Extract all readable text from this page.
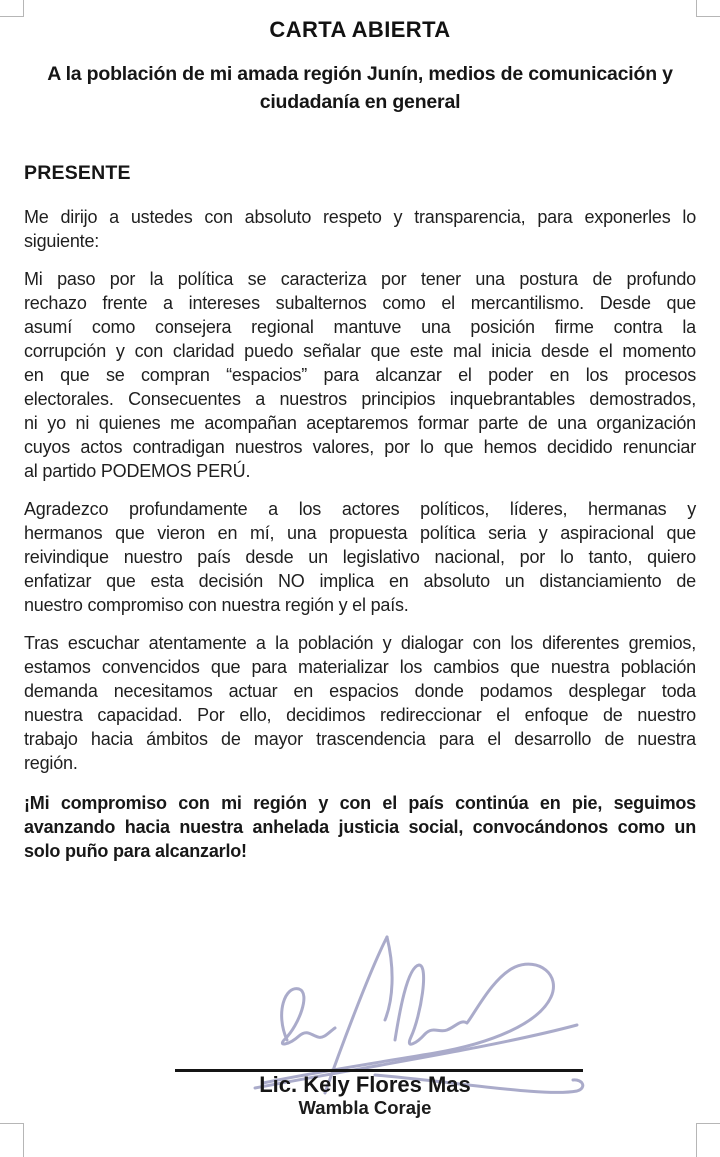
CARTA ABIERTA
A la población de mi amada región Junín, medios de comunicación y
ciudadanía en general
PRESENTE
Me dirijo a ustedes con absoluto respeto y transparencia, para exponerles lo
siguiente:
Mi paso por la política se caracteriza por tener una postura de profundo
rechazo frente a intereses subalternos como el mercantilismo. Desde que
asumí como consejera regional mantuve una posición firme contra la
corrupción y con claridad puedo señalar que este mal inicia desde el momento
en que se compran “espacios” para alcanzar el poder en los procesos
electorales. Consecuentes a nuestros principios inquebrantables demostrados,
ni yo ni quienes me acompañan aceptaremos formar parte de una organización
cuyos actos contradigan nuestros valores, por lo que hemos decidido renunciar
al partido PODEMOS PERÚ.
Agradezco profundamente a los actores políticos, líderes, hermanas y
hermanos que vieron en mí, una propuesta política seria y aspiracional que
reivindique nuestro país desde un legislativo nacional, por lo tanto, quiero
enfatizar que esta decisión NO implica en absoluto un distanciamiento de
nuestro compromiso con nuestra región y el país.
Tras escuchar atentamente a la población y dialogar con los diferentes gremios,
estamos convencidos que para materializar los cambios que nuestra población
demanda necesitamos actuar en espacios donde podamos desplegar toda
nuestra capacidad. Por ello, decidimos redireccionar el enfoque de nuestro
trabajo hacia ámbitos de mayor trascendencia para el desarrollo de nuestra
región.
¡Mi compromiso con mi región y con el país continúa en pie, seguimos
avanzando hacia nuestra anhelada justicia social, convocándonos como un
solo puño para alcanzarlo!
Lic. Kely Flores Mas
Wambla Coraje
